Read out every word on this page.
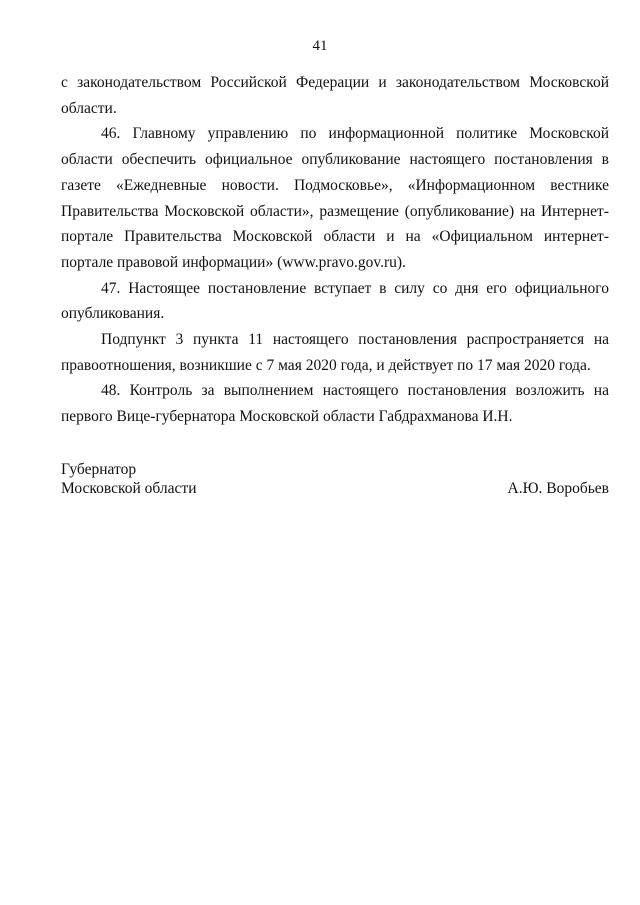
41

с законодательством Российской Федерации и законодательством Московской области.

46. Главному управлению по информационной политике Московской области обеспечить официальное опубликование настоящего постановления в газете «Ежедневные новости. Подмосковье», «Информационном вестнике Правительства Московской области», размещение (опубликование) на Интернет-портале Правительства Московской области и на «Официальном интернет-портале правовой информации» (www.pravo.gov.ru).

47. Настоящее постановление вступает в силу со дня его официального опубликования.

Подпункт 3 пункта 11 настоящего постановления распространяется на правоотношения, возникшие с 7 мая 2020 года, и действует по 17 мая 2020 года.

48. Контроль за выполнением настоящего постановления возложить на первого Вице-губернатора Московской области Габдрахманова И.Н.

Губернатор
Московской области	А.Ю. Воробьев
